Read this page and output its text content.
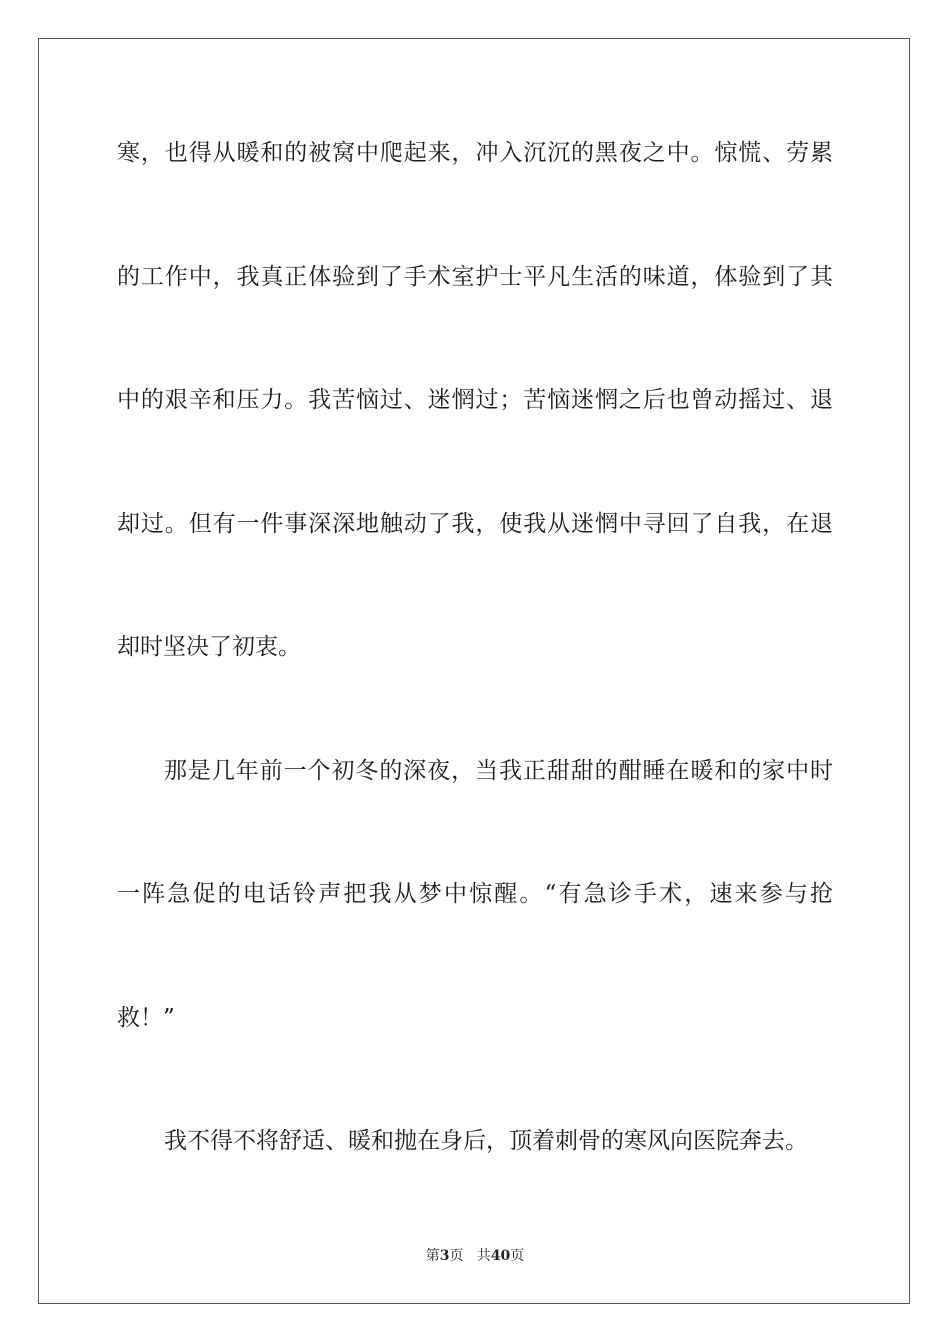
寒，也得从暖和的被窝中爬起来，冲入沉沉的黑夜之中。惊慌、劳累
的工作中，我真正体验到了手术室护士平凡生活的味道，体验到了其
中的艰辛和压力。我苦恼过、迷惘过；苦恼迷惘之后也曾动摇过、退
却过。但有一件事深深地触动了我，使我从迷惘中寻回了自我，在退
却时坚决了初衷。
那是几年前一个初冬的深夜，当我正甜甜的酣睡在暖和的家中时
一阵急促的电话铃声把我从梦中惊醒。“有急诊手术，速来参与抢
救！”
我不得不将舒适、暖和抛在身后，顶着刺骨的寒风向医院奔去。
第3页 共40页
